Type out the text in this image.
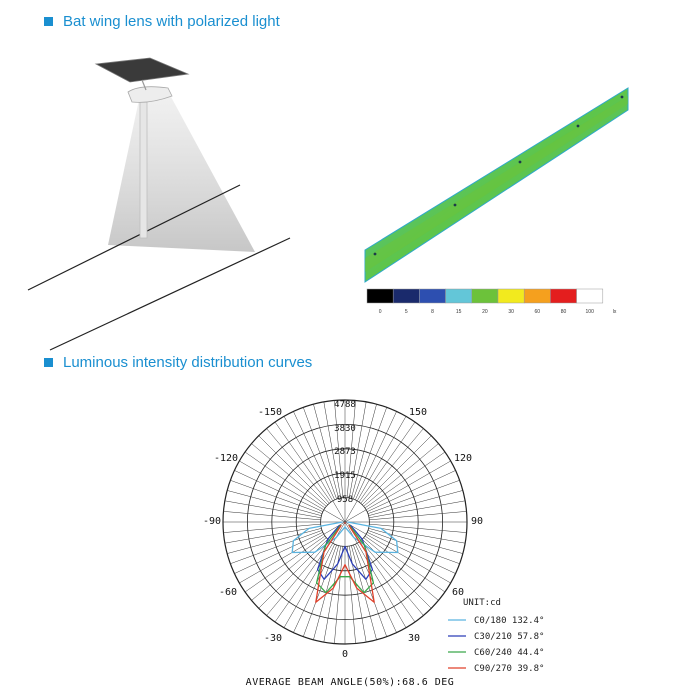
Bat wing lens with polarized light
0	5	8	15	20	30	60	80	100	lx
Luminous intensity distribution curves
-150	150
-120	120
-90	90
-60	60
-30	30
0
4788
3830
2873
1915
958
UNIT:cd
C0/180 132.4°
C30/210 57.8°
C60/240 44.4°
C90/270 39.8°
AVERAGE BEAM ANGLE(50%):68.6 DEG
